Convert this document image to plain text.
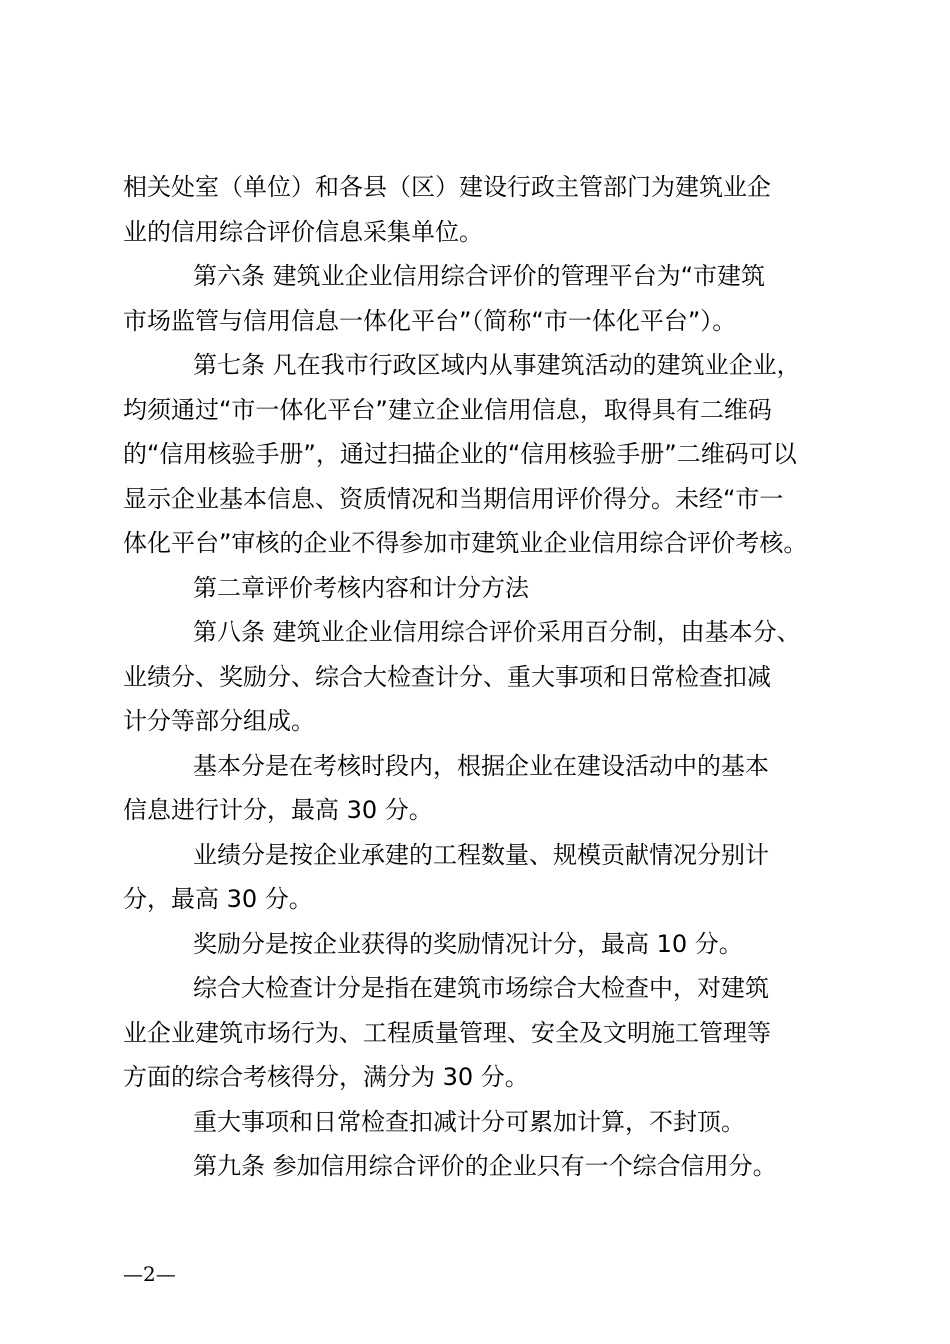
相关处室（单位）和各县（区）建设行政主管部门为建筑业企
业的信用综合评价信息采集单位。
第六条 建筑业企业信用综合评价的管理平台为“市建筑
市场监管与信用信息一体化平台”（简称“市一体化平台”）。
第七条 凡在我市行政区域内从事建筑活动的建筑业企业，
均须通过“市一体化平台”建立企业信用信息，取得具有二维码
的“信用核验手册”，通过扫描企业的“信用核验手册”二维码可以
显示企业基本信息、资质情况和当期信用评价得分。未经“市一
体化平台”审核的企业不得参加市建筑业企业信用综合评价考核。
第二章评价考核内容和计分方法
第八条 建筑业企业信用综合评价采用百分制，由基本分、
业绩分、奖励分、综合大检查计分、重大事项和日常检查扣减
计分等部分组成。
基本分是在考核时段内，根据企业在建设活动中的基本
信息进行计分，最高 30 分。
业绩分是按企业承建的工程数量、规模贡献情况分别计
分，最高 30 分。
奖励分是按企业获得的奖励情况计分，最高 10 分。
综合大检查计分是指在建筑市场综合大检查中，对建筑
业企业建筑市场行为、工程质量管理、安全及文明施工管理等
方面的综合考核得分，满分为 30 分。
重大事项和日常检查扣减计分可累加计算，不封顶。
第九条 参加信用综合评价的企业只有一个综合信用分。
—2—
